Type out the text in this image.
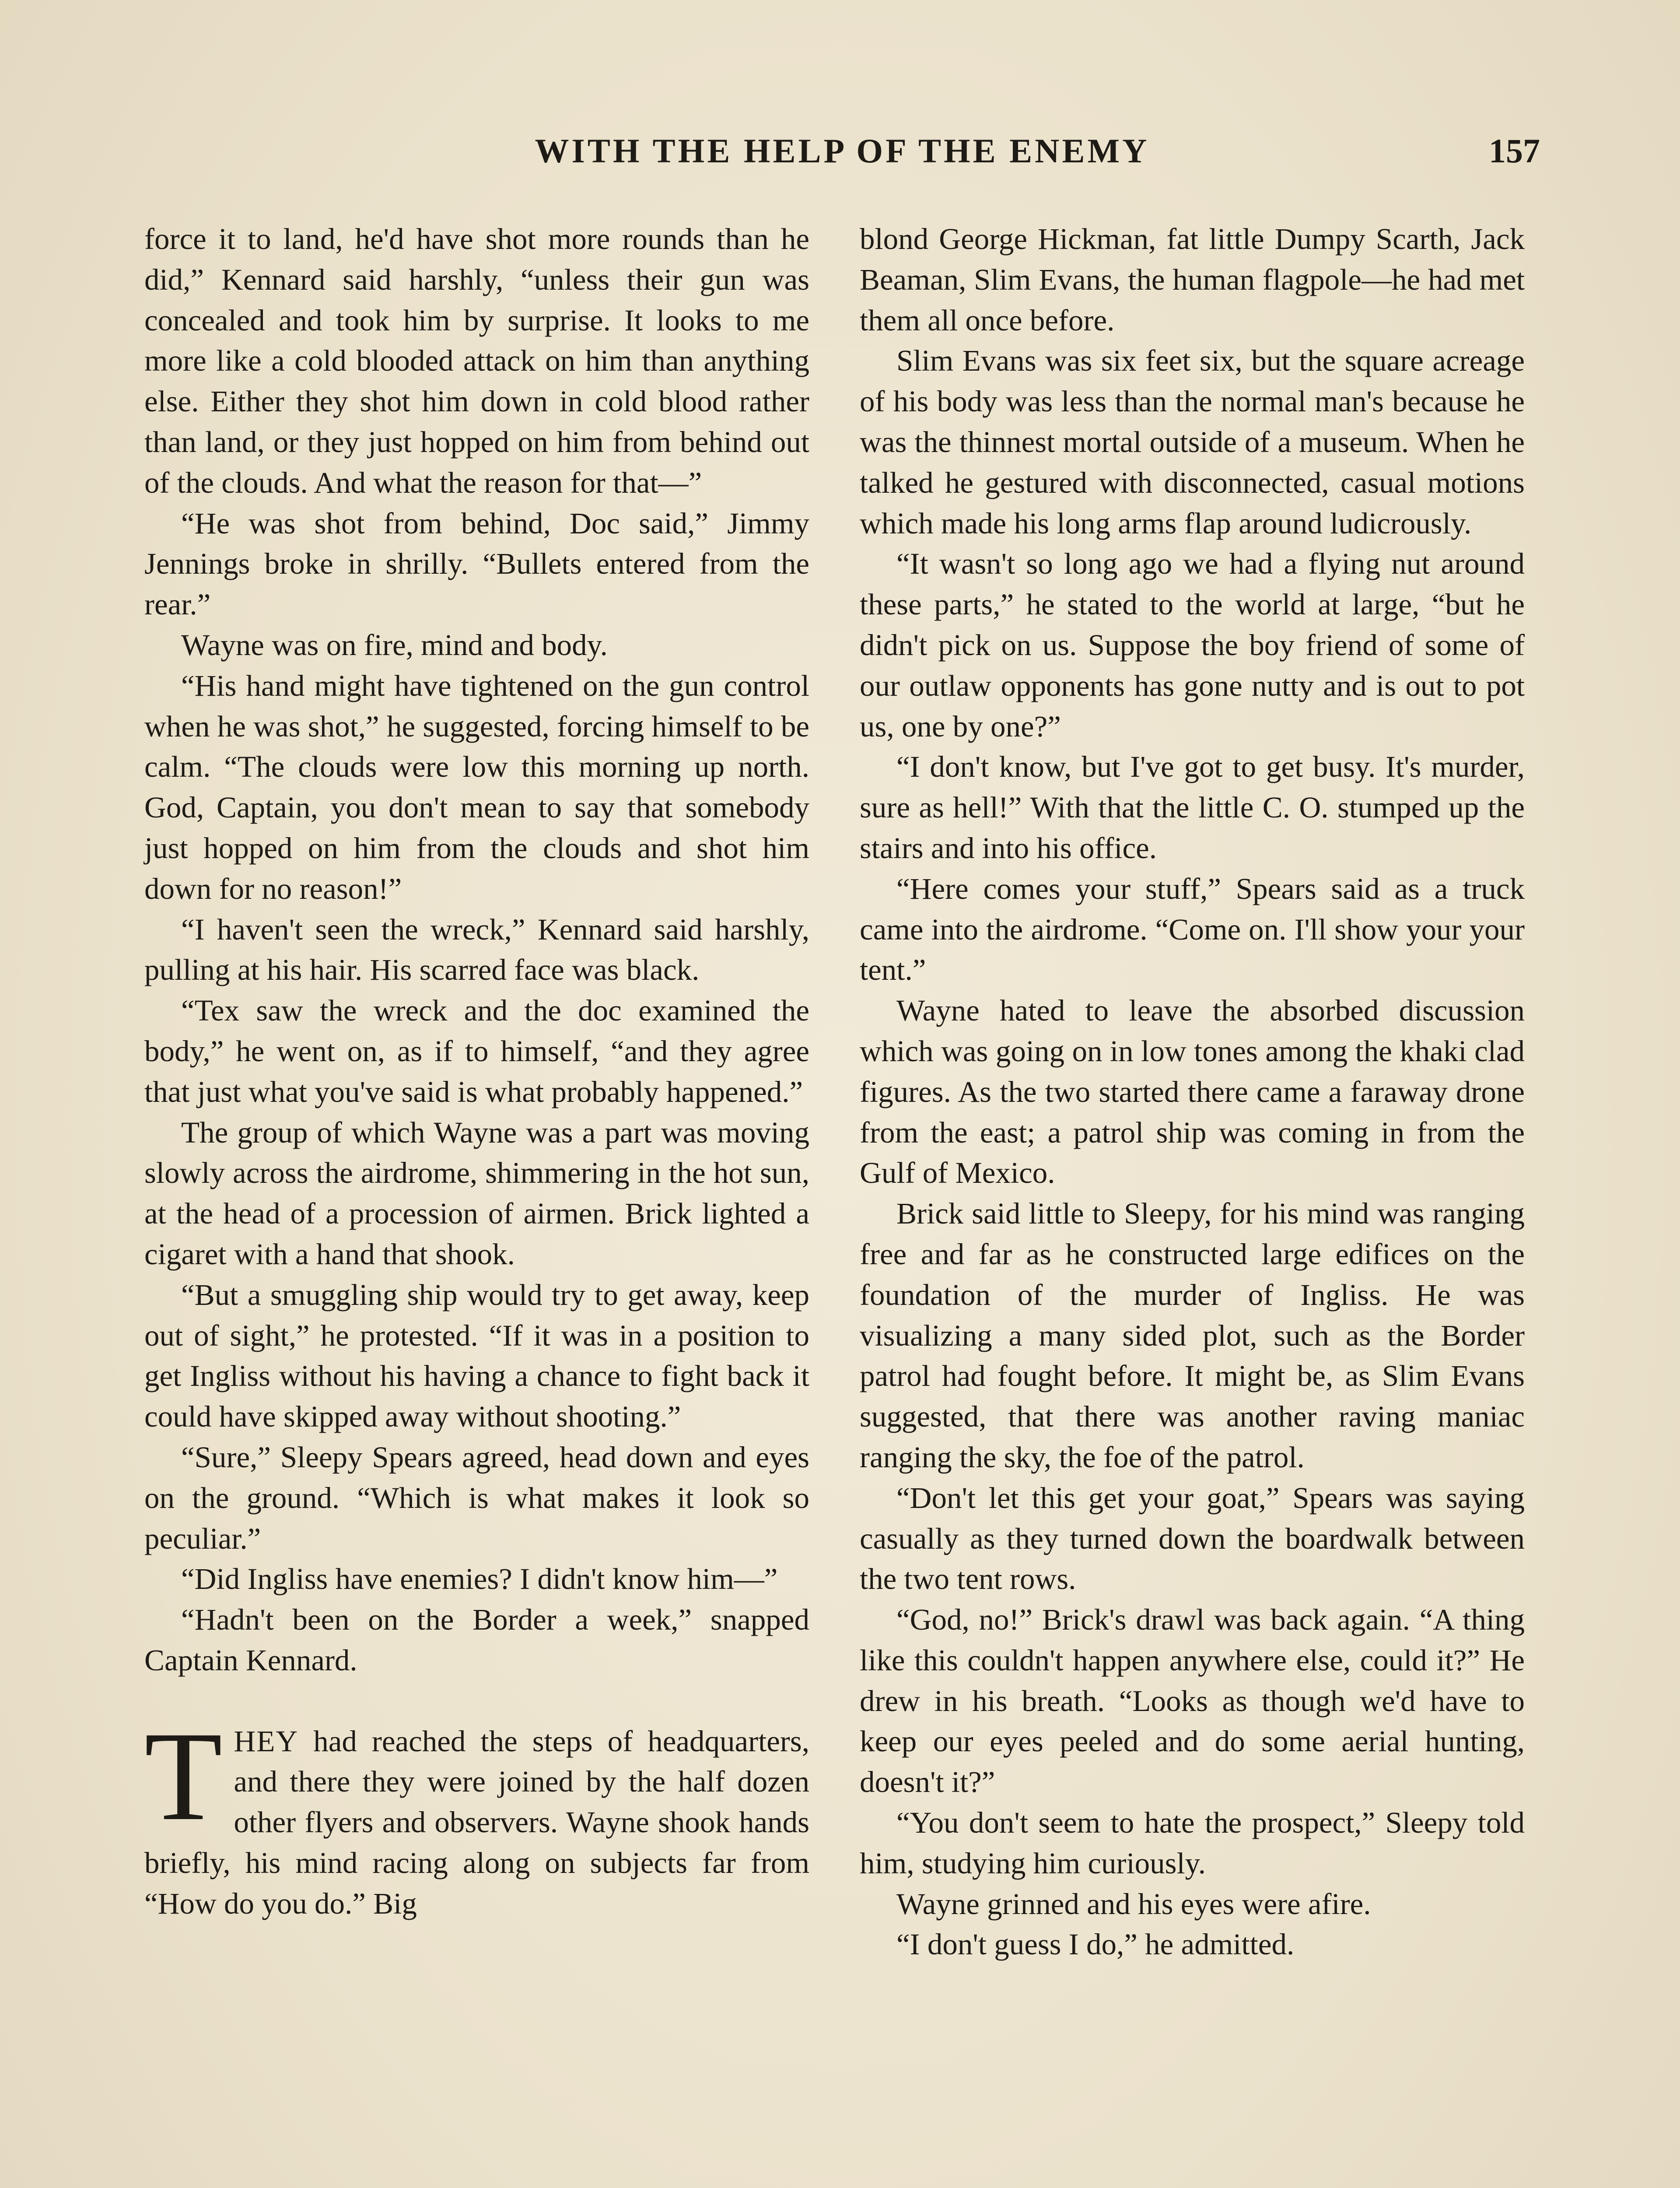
WITH THE HELP OF THE ENEMY	157

force it to land, he'd have shot more rounds than he did,” Kennard said harshly, “unless their gun was concealed and took him by surprise. It looks to me more like a cold blooded attack on him than anything else. Either they shot him down in cold blood rather than land, or they just hopped on him from behind out of the clouds. And what the reason for that—”

“He was shot from behind, Doc said,” Jimmy Jennings broke in shrilly. “Bullets entered from the rear.”

Wayne was on fire, mind and body.

“His hand might have tightened on the gun control when he was shot,” he suggested, forcing himself to be calm. “The clouds were low this morning up north. God, Captain, you don't mean to say that somebody just hopped on him from the clouds and shot him down for no reason!”

“I haven't seen the wreck,” Kennard said harshly, pulling at his hair. His scarred face was black.

“Tex saw the wreck and the doc examined the body,” he went on, as if to himself, “and they agree that just what you've said is what probably happened.”

The group of which Wayne was a part was moving slowly across the airdrome, shimmering in the hot sun, at the head of a procession of airmen. Brick lighted a cigaret with a hand that shook.

“But a smuggling ship would try to get away, keep out of sight,” he protested. “If it was in a position to get Ingliss without his having a chance to fight back it could have skipped away without shooting.”

“Sure,” Sleepy Spears agreed, head down and eyes on the ground. “Which is what makes it look so peculiar.”

“Did Ingliss have enemies? I didn't know him—”

“Hadn't been on the Border a week,” snapped Captain Kennard.

THEY had reached the steps of headquarters, and there they were joined by the half dozen other flyers and observers. Wayne shook hands briefly, his mind racing along on subjects far from “How do you do.” Big

blond George Hickman, fat little Dumpy Scarth, Jack Beaman, Slim Evans, the human flagpole—he had met them all once before.

Slim Evans was six feet six, but the square acreage of his body was less than the normal man's because he was the thinnest mortal outside of a museum. When he talked he gestured with disconnected, casual motions which made his long arms flap around ludicrously.

“It wasn't so long ago we had a flying nut around these parts,” he stated to the world at large, “but he didn't pick on us. Suppose the boy friend of some of our outlaw opponents has gone nutty and is out to pot us, one by one?”

“I don't know, but I've got to get busy. It's murder, sure as hell!” With that the little C. O. stumped up the stairs and into his office.

“Here comes your stuff,” Spears said as a truck came into the airdrome. “Come on. I'll show your your tent.”

Wayne hated to leave the absorbed discussion which was going on in low tones among the khaki clad figures. As the two started there came a faraway drone from the east; a patrol ship was coming in from the Gulf of Mexico.

Brick said little to Sleepy, for his mind was ranging free and far as he constructed large edifices on the foundation of the murder of Ingliss. He was visualizing a many sided plot, such as the Border patrol had fought before. It might be, as Slim Evans suggested, that there was another raving maniac ranging the sky, the foe of the patrol.

“Don't let this get your goat,” Spears was saying casually as they turned down the boardwalk between the two tent rows.

“God, no!” Brick's drawl was back again. “A thing like this couldn't happen anywhere else, could it?” He drew in his breath. “Looks as though we'd have to keep our eyes peeled and do some aerial hunting, doesn't it?”

“You don't seem to hate the prospect,” Sleepy told him, studying him curiously.

Wayne grinned and his eyes were afire.

“I don't guess I do,” he admitted.
